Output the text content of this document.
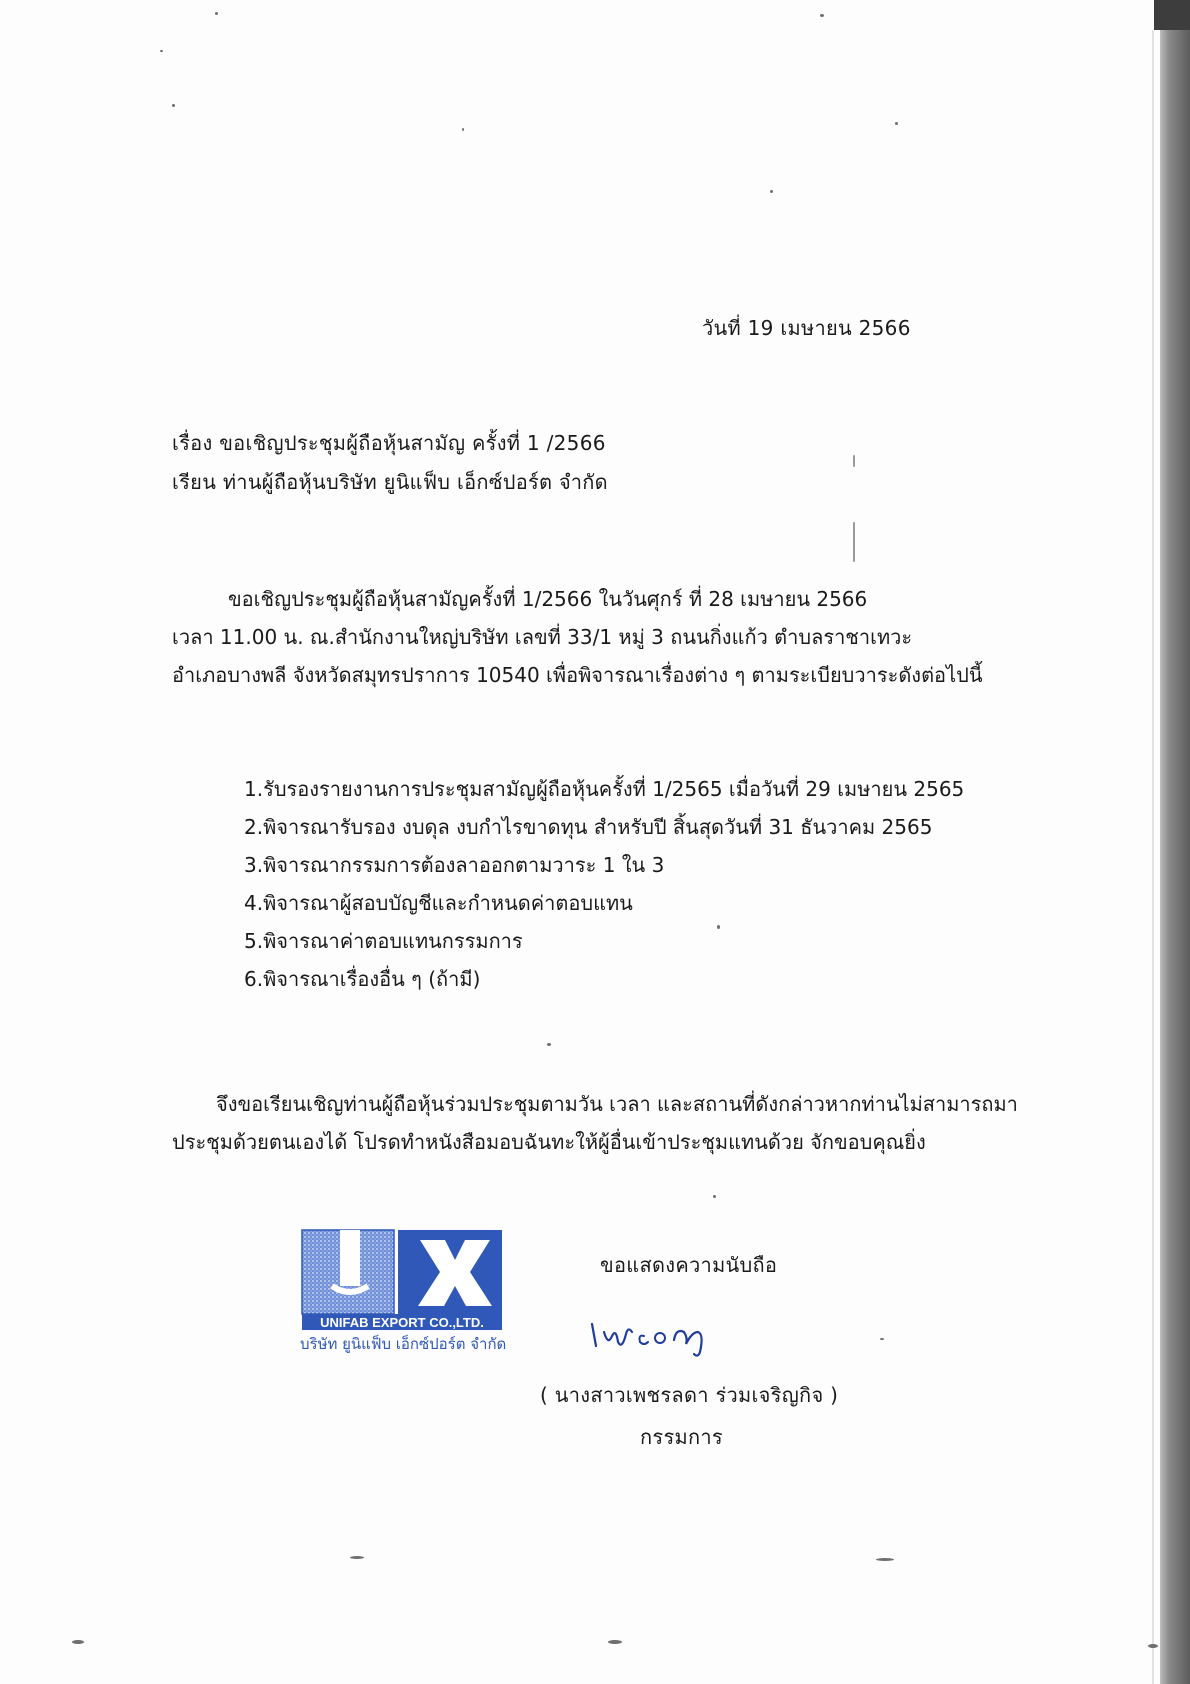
วันที่ 19 เมษายน 2566
เรื่อง ขอเชิญประชุมผู้ถือหุ้นสามัญ ครั้งที่ 1 /2566
เรียน ท่านผู้ถือหุ้นบริษัท ยูนิแฟ็บ เอ็กซ์ปอร์ต จำกัด
ขอเชิญประชุมผู้ถือหุ้นสามัญครั้งที่ 1/2566 ในวันศุกร์ ที่ 28 เมษายน 2566
เวลา 11.00 น. ณ.สำนักงานใหญ่บริษัท เลขที่ 33/1 หมู่ 3 ถนนกิ่งแก้ว ตำบลราชาเทวะ
อำเภอบางพลี จังหวัดสมุทรปราการ 10540 เพื่อพิจารณาเรื่องต่าง ๆ ตามระเบียบวาระดังต่อไปนี้
1.รับรองรายงานการประชุมสามัญผู้ถือหุ้นครั้งที่ 1/2565 เมื่อวันที่ 29 เมษายน 2565
2.พิจารณารับรอง งบดุล งบกำไรขาดทุน สำหรับปี สิ้นสุดวันที่ 31 ธันวาคม 2565
3.พิจารณากรรมการต้องลาออกตามวาระ 1 ใน 3
4.พิจารณาผู้สอบบัญชีและกำหนดค่าตอบแทน
5.พิจารณาค่าตอบแทนกรรมการ
6.พิจารณาเรื่องอื่น ๆ (ถ้ามี)
จึงขอเรียนเชิญท่านผู้ถือหุ้นร่วมประชุมตามวัน เวลา และสถานที่ดังกล่าวหากท่านไม่สามารถมา
ประชุมด้วยตนเองได้ โปรดทำหนังสือมอบฉันทะให้ผู้อื่นเข้าประชุมแทนด้วย จักขอบคุณยิ่ง
UNIFAB EXPORT CO.,LTD.
บริษัท ยูนิแฟ็บ เอ็กซ์ปอร์ต จำกัด
ขอแสดงความนับถือ
( นางสาวเพชรลดา ร่วมเจริญกิจ )
กรรมการ
